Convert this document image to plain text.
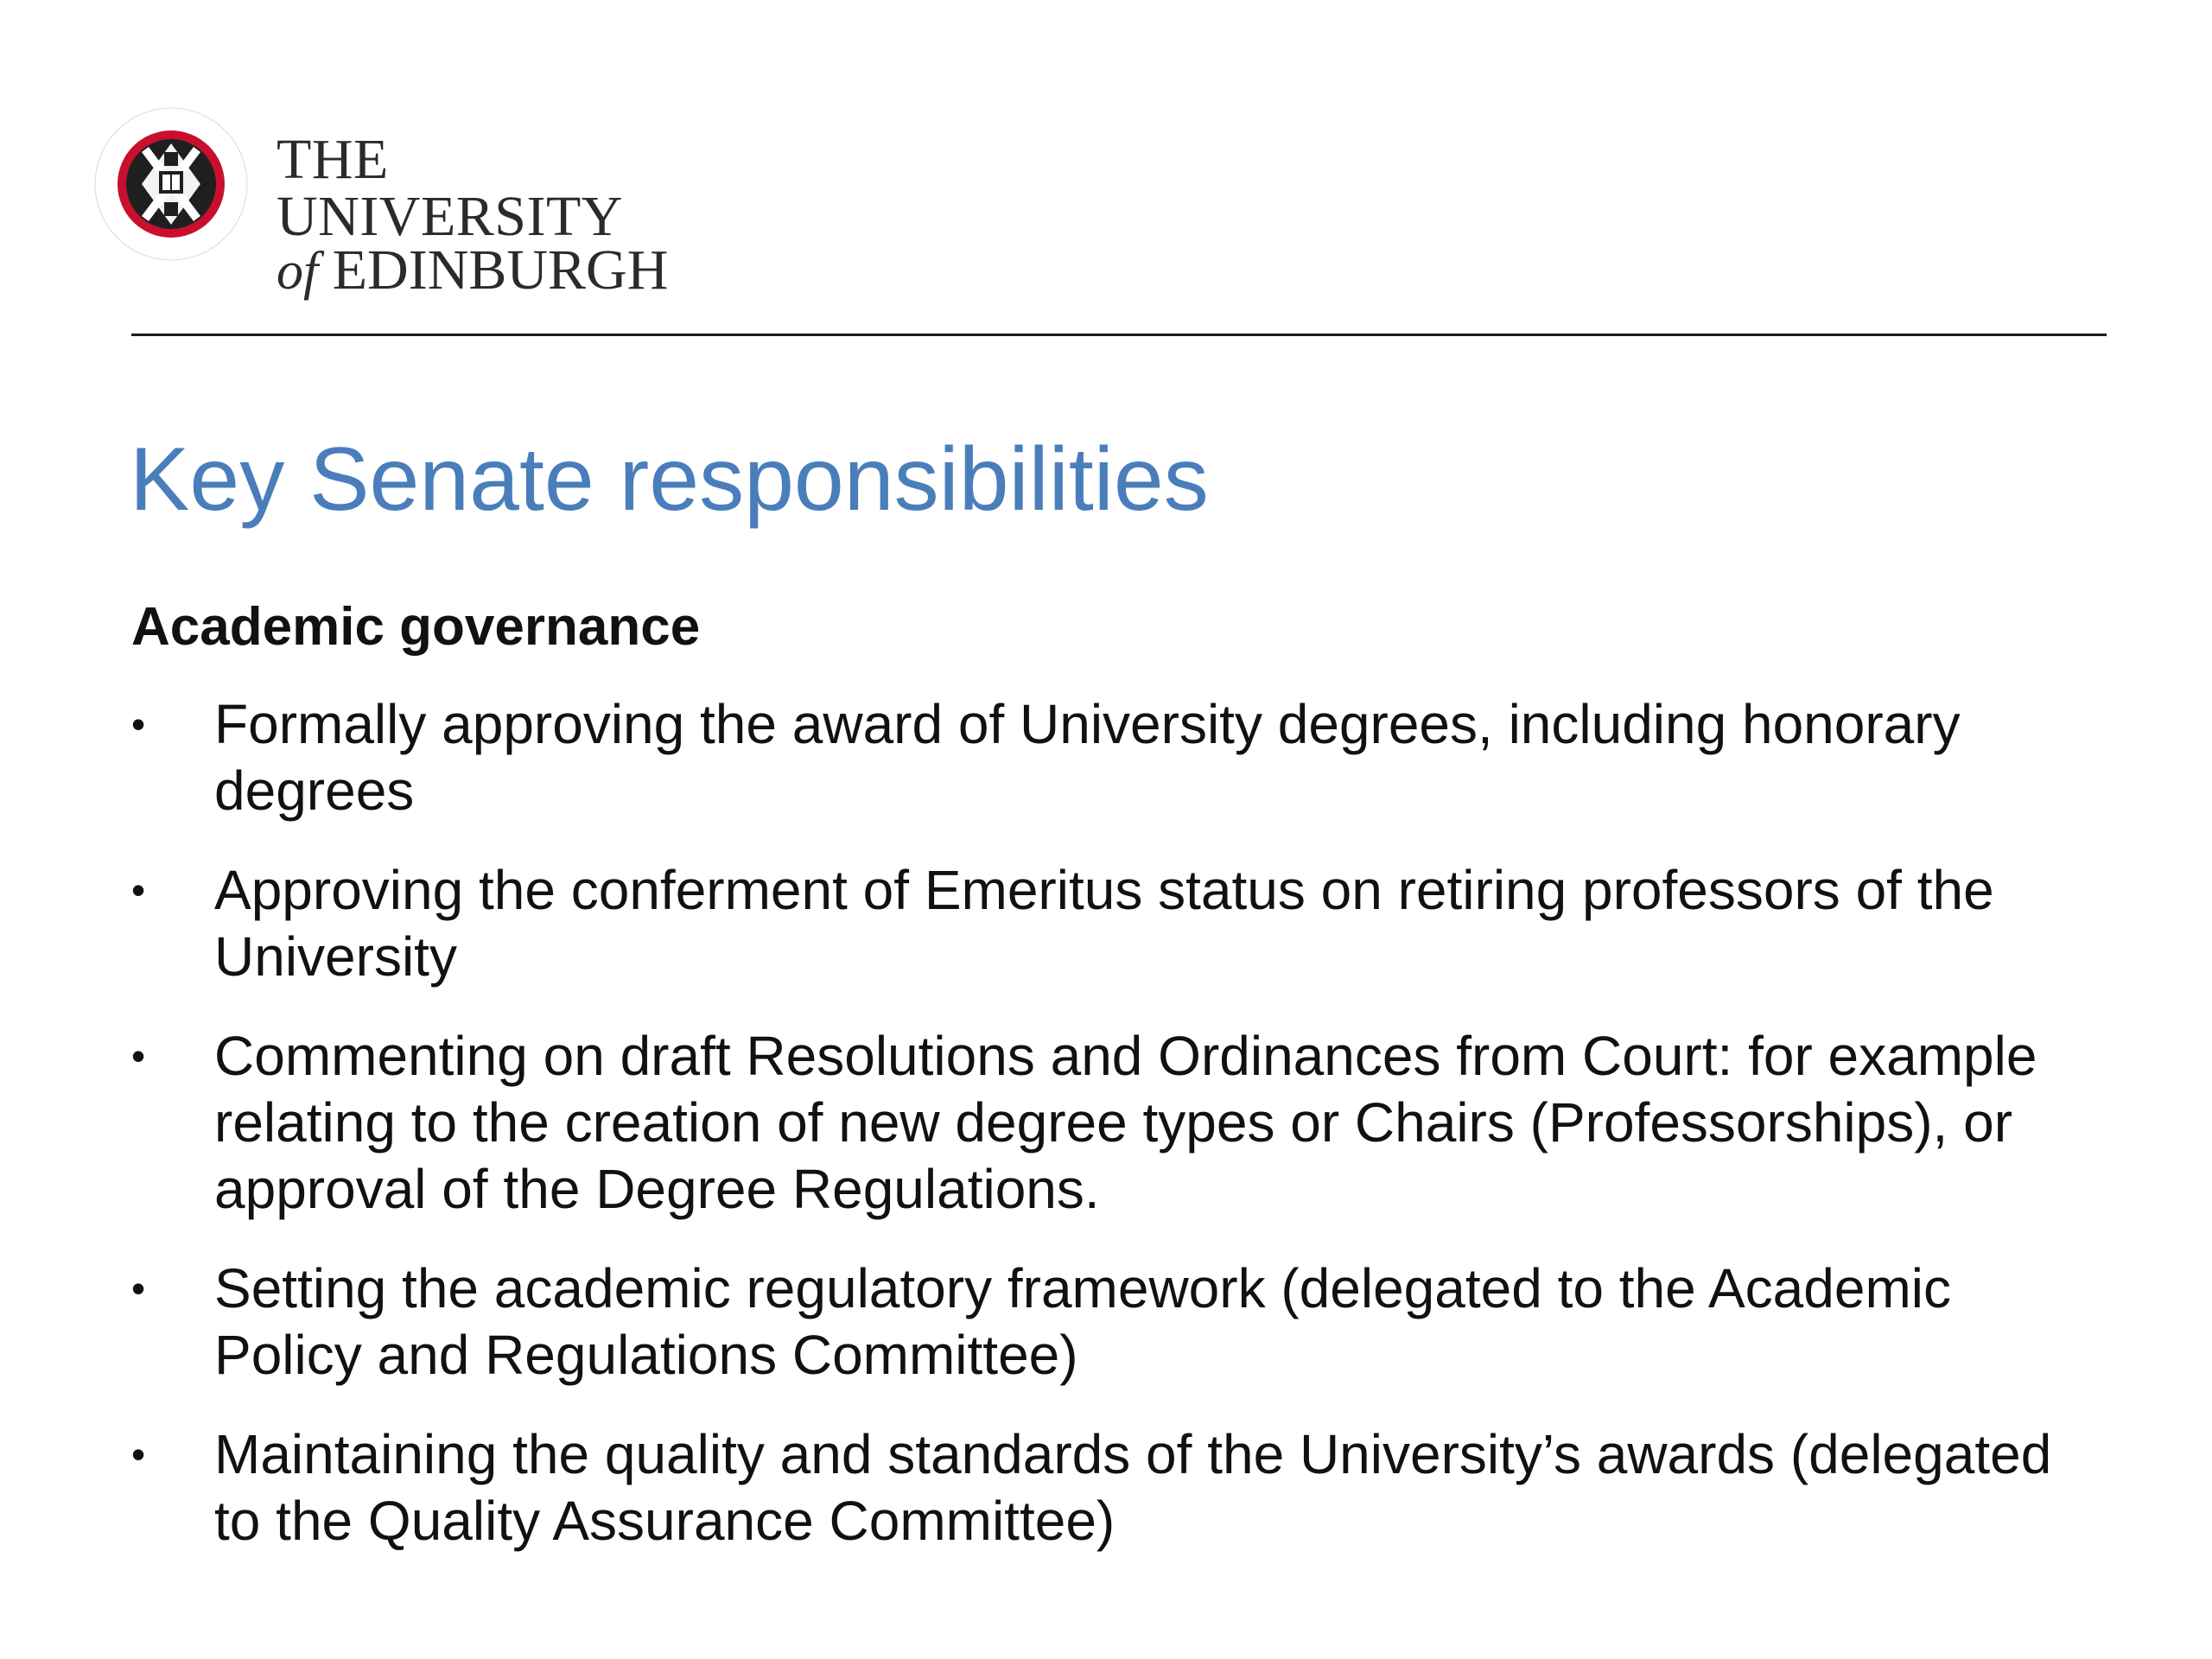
THE UNIVERSITY
of EDINBURGH
Key Senate responsibilities
Academic governance
• Formally approving the award of University degrees, including honorary degrees
• Approving the conferment of Emeritus status on retiring professors of the University
• Commenting on draft Resolutions and Ordinances from Court: for example relating to the creation of new degree types or Chairs (Professorships), or approval of the Degree Regulations.
• Setting the academic regulatory framework (delegated to the Academic Policy and Regulations Committee)
• Maintaining the quality and standards of the University’s awards (delegated to the Quality Assurance Committee)
